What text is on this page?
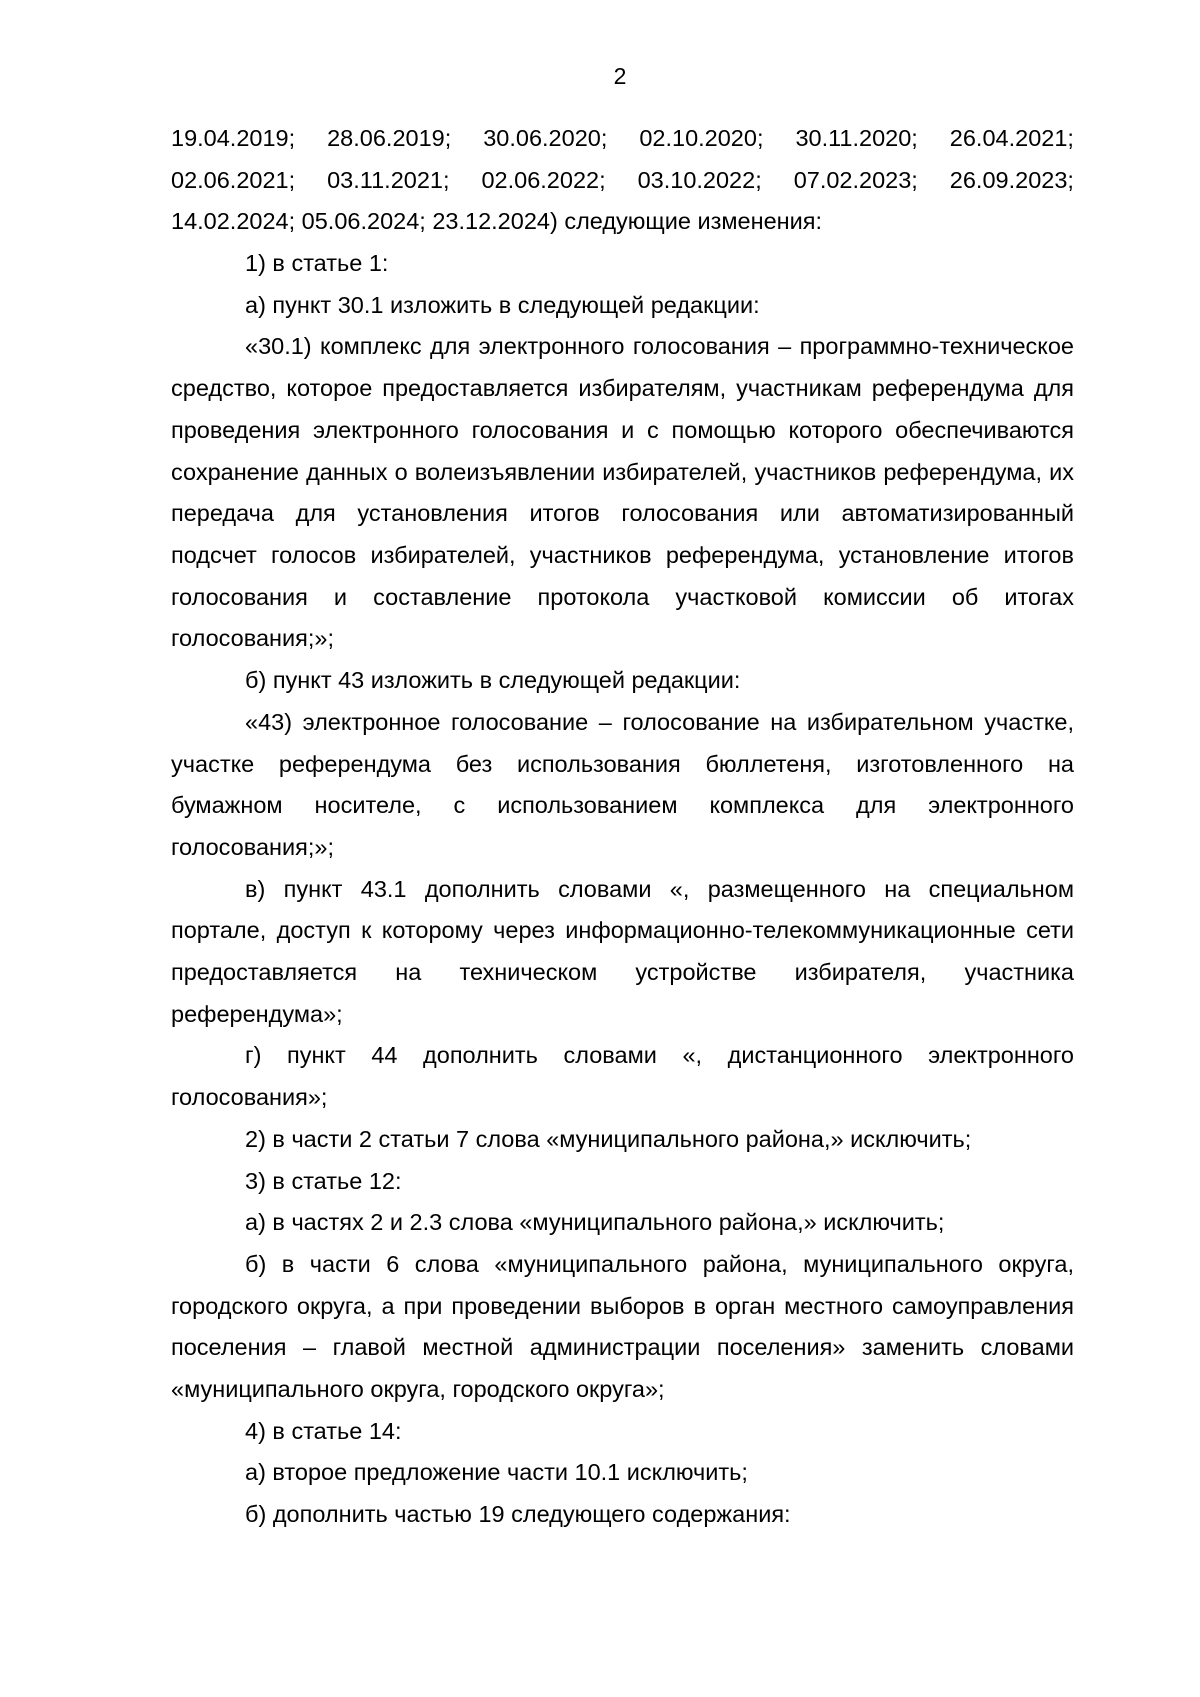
2
19.04.2019; 28.06.2019; 30.06.2020; 02.10.2020; 30.11.2020; 26.04.2021;
02.06.2021; 03.11.2021; 02.06.2022; 03.10.2022; 07.02.2023; 26.09.2023;

14.02.2024; 05.06.2024; 23.12.2024) следующие изменения:

1) в статье 1:

а) пункт 30.1 изложить в следующей редакции:

«30.1) комплекс для электронного голосования – программно-техническое средство, которое предоставляется избирателям, участникам референдума для проведения электронного голосования и с помощью которого обеспечиваются сохранение данных о волеизъявлении избирателей, участников референдума, их передача для установления итогов голосования или автоматизированный подсчет голосов избирателей, участников референдума, установление итогов голосования и составление протокола участковой комиссии об итогах голосования;»;

б) пункт 43 изложить в следующей редакции:

«43) электронное голосование – голосование на избирательном участке, участке референдума без использования бюллетеня, изготовленного на бумажном носителе, с использованием комплекса для электронного голосования;»;

в) пункт 43.1 дополнить словами «, размещенного на специальном портале, доступ к которому через информационно-телекоммуникационные сети предоставляется на техническом устройстве избирателя, участника референдума»;

г) пункт 44 дополнить словами «, дистанционного электронного голосования»;

2) в части 2 статьи 7 слова «муниципального района,» исключить;

3) в статье 12:

а) в частях 2 и 2.3 слова «муниципального района,» исключить;

б) в части 6 слова «муниципального района, муниципального округа, городского округа, а при проведении выборов в орган местного самоуправления поселения – главой местной администрации поселения» заменить словами «муниципального округа, городского округа»;

4) в статье 14:

а) второе предложение части 10.1 исключить;

б) дополнить частью 19 следующего содержания:
